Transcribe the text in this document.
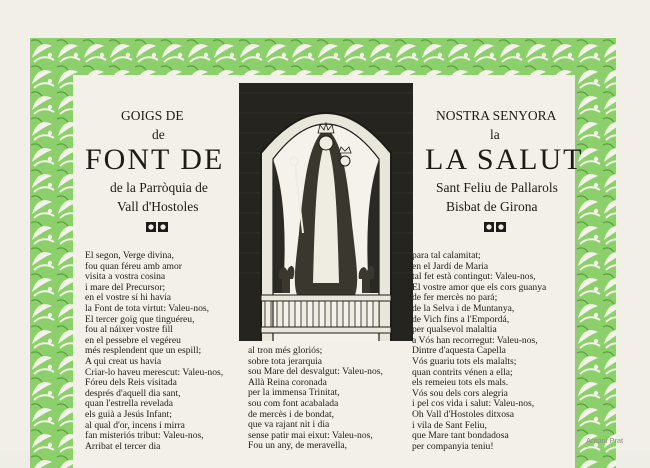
GOIGS DE
de
FONT DE
de la Parròquia de
Vall d'Hostoles
NOSTRA SENYORA
la
LA SALUT
Sant Feliu de Pallarols
Bisbat de Girona
El segon, Verge divina,
fou quan féreu amb amor
visita a vostra cosina
i mare del Precursor;
en el vostre sí hi havia
la Font de tota virtut: Valeu-nos,
El tercer goig que tinguéreu,
fou al náixer vostre fill
en el pessebre el vegéreu
més resplendent que un espill;
A qui creat us havia
Criar-lo haveu merescut: Valeu-nos,
Fóreu dels Reis visitada
després d'aquell dia sant,
quan l'estrella revelada
els guià a Jesús Infant;
al qual d'or, incens i mirra
fan misteriós tribut: Valeu-nos,
Arribat el tercer dia
al tron més gloriós;
sobre tota jerarquia
sou Mare del desvalgut: Valeu-nos,
Allà Reina coronada
per la immensa Trinitat,
sou com font acabalada
de mercès i de bondat,
que va rajant nit i dia
sense patir mai eixut: Valeu-nos,
Fou un any, de meravella,
para tal calamitat;
en el Jardí de Maria
tal fet està contingut: Valeu-nos,
El vostre amor que els cors guanya
de fer mercès no pará;
de la Selva i de Muntanya,
de Vich fins a l'Empordá,
per qualsevol malaltia
a Vós han recorregut: Valeu-nos,
Dintre d'aquesta Capella
Vós guariu tots els malalts;
quan contrits vénen a ella;
els remeieu tots els mals.
Vós sou dels cors alegria
i pel cos vida i salut: Valeu-nos,
Oh Vall d'Hostoles ditxosa
i vila de Sant Feliu,
que Mare tant bondadosa
per companyia teniu!
Antoni Prat
